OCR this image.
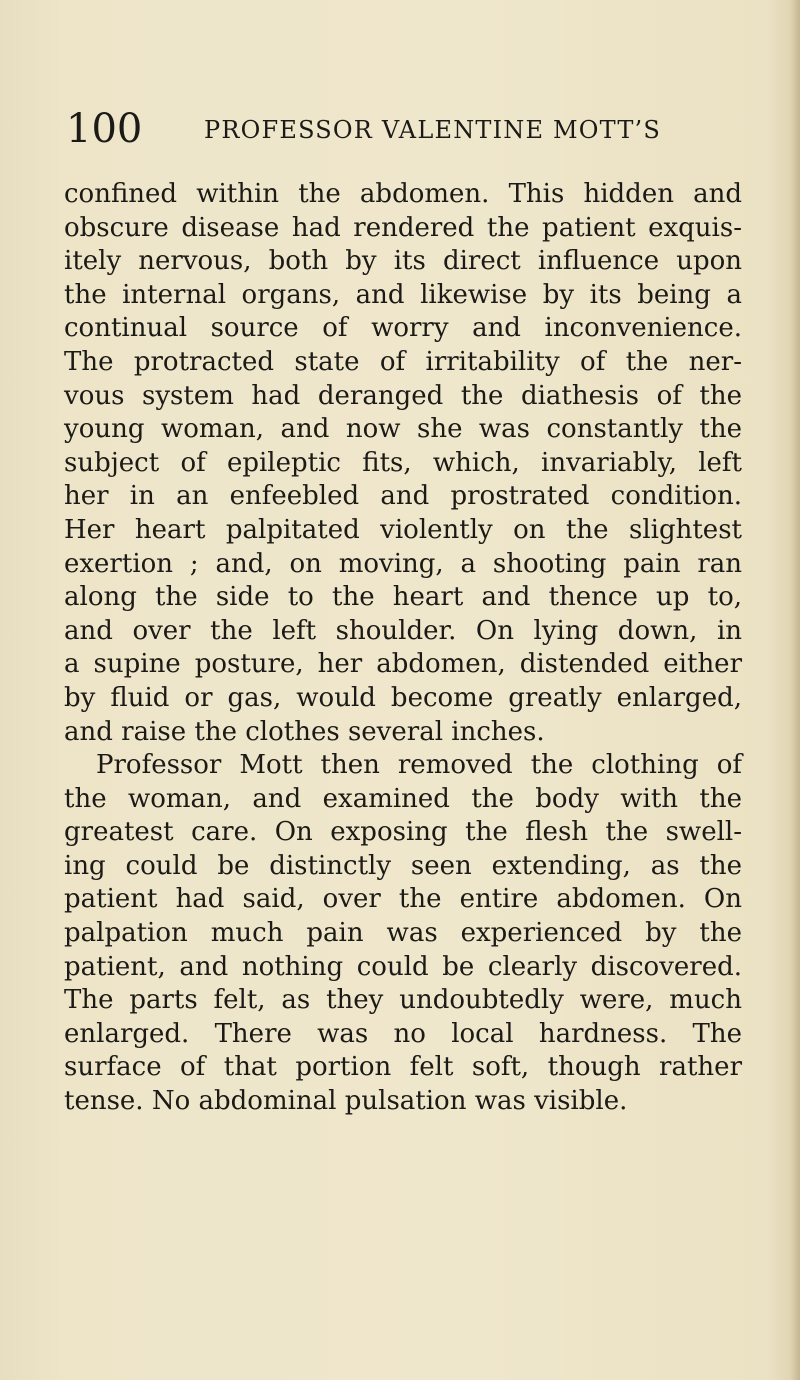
100	PROFESSOR VALENTINE MOTT’S
confined within the abdomen. This hidden and
obscure disease had rendered the patient exquis-
itely nervous, both by its direct influence upon
the internal organs, and likewise by its being a
continual source of worry and inconvenience.
The protracted state of irritability of the ner-
vous system had deranged the diathesis of the
young woman, and now she was constantly the
subject of epileptic fits, which, invariably, left
her in an enfeebled and prostrated condition.
Her heart palpitated violently on the slightest
exertion ; and, on moving, a shooting pain ran
along the side to the heart and thence up to,
and over the left shoulder. On lying down, in
a supine posture, her abdomen, distended either
by fluid or gas, would become greatly enlarged,
and raise the clothes several inches.
Professor Mott then removed the clothing of
the woman, and examined the body with the
greatest care. On exposing the flesh the swell-
ing could be distinctly seen extending, as the
patient had said, over the entire abdomen. On
palpation much pain was experienced by the
patient, and nothing could be clearly discovered.
The parts felt, as they undoubtedly were, much
enlarged. There was no local hardness. The
surface of that portion felt soft, though rather
tense. No abdominal pulsation was visible.
